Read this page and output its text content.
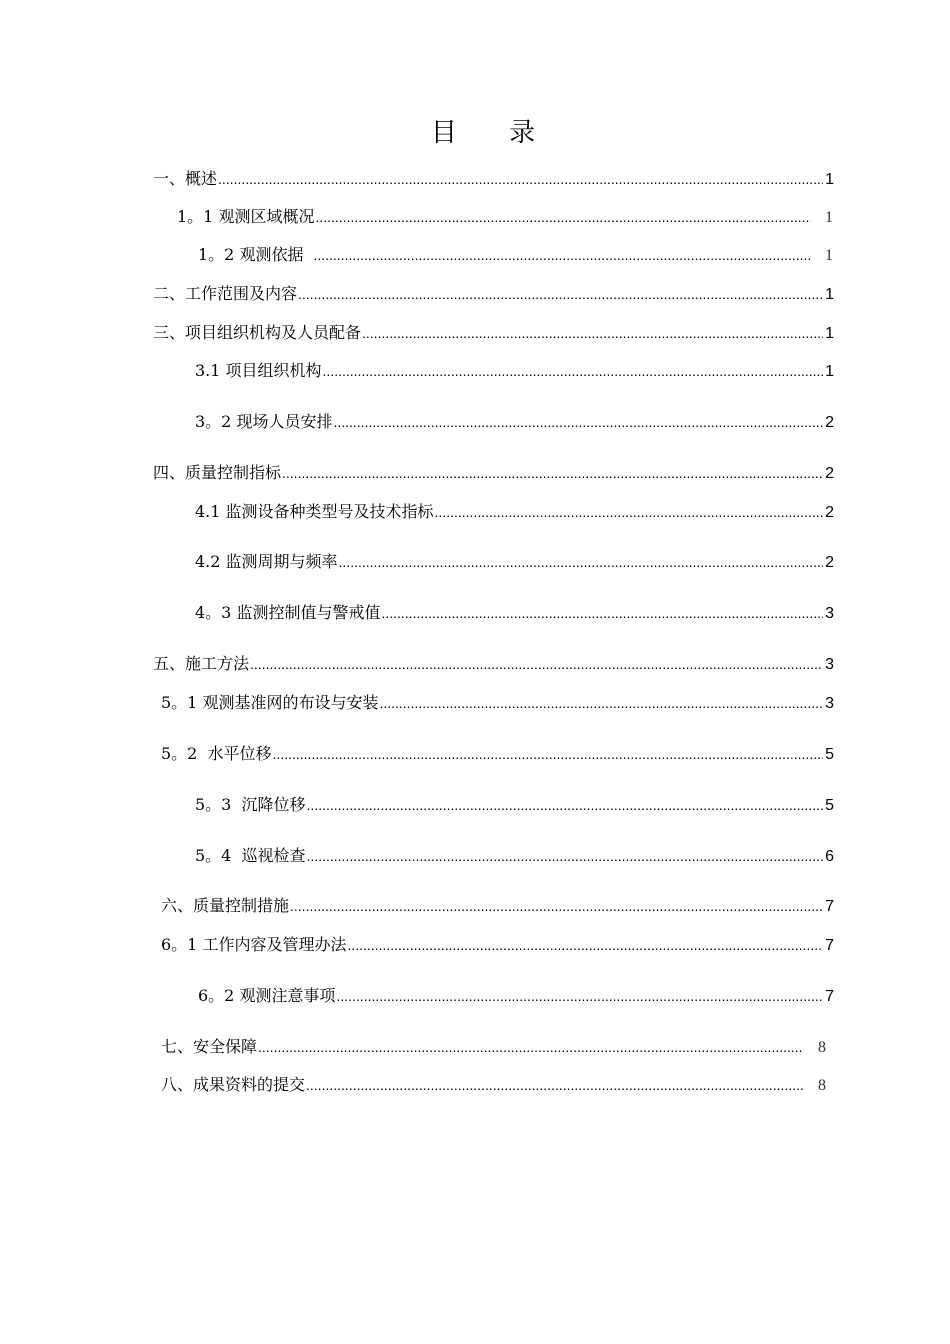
目 录
一、概述 .....	1
1。1 观测区域概况 .....	1
1。2 观测依据 .....	1
二、工作范围及内容 .....	1
三、项目组织机构及人员配备 .....	1
3.1 项目组织机构 .....	1
3。2 现场人员安排 .....	2
四、质量控制指标 .....	2
4.1 监测设备种类型号及技术指标 .....	2
4.2 监测周期与频率 .....	2
4。3 监测控制值与警戒值 .....	3
五、施工方法 .....	3
5。1 观测基准网的布设与安装 .....	3
5。2  水平位移 .....	5
5。3  沉降位移 .....	5
5。4  巡视检查 .....	6
六、质量控制措施 .....	7
6。1 工作内容及管理办法 .....	7
6。2 观测注意事项 .....	7
七、安全保障 .....	8
八、成果资料的提交 .....	8
